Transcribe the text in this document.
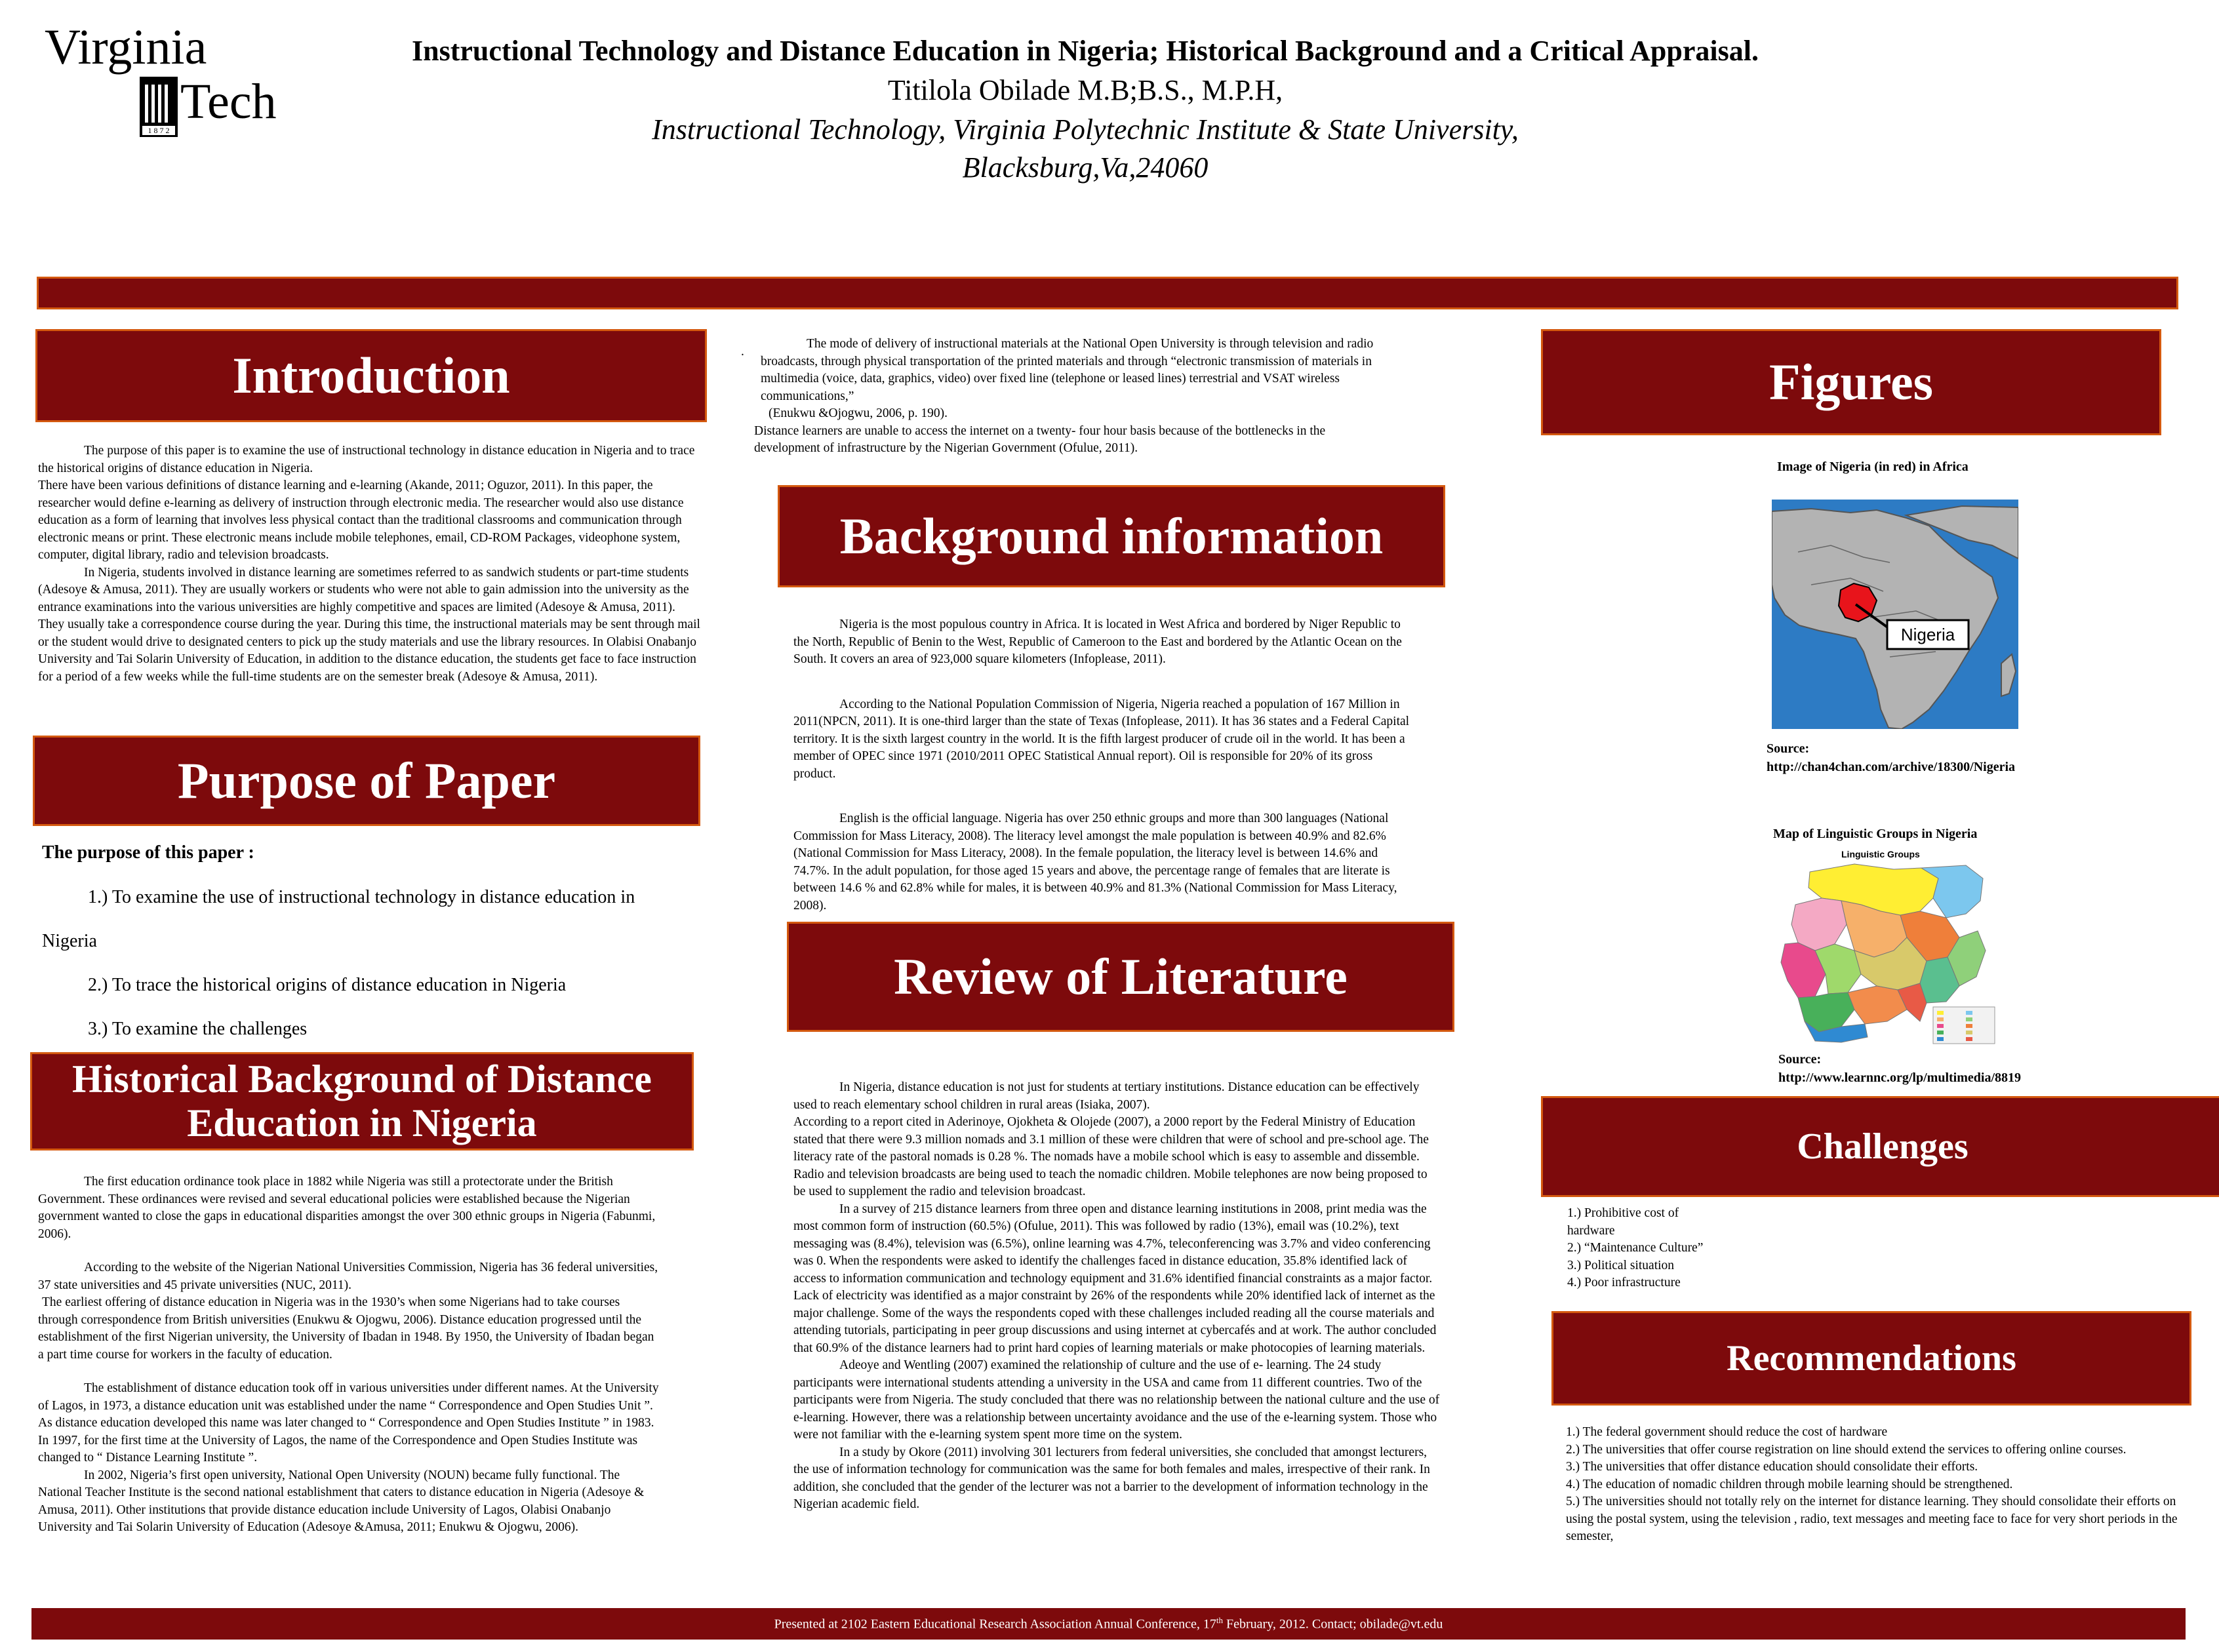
Virginia
1 8 7 2
Tech
Instructional Technology and Distance Education in Nigeria; Historical Background and a Critical Appraisal.
Titilola Obilade M.B;B.S., M.P.H,
Instructional Technology, Virginia Polytechnic Institute & State University,
Blacksburg,Va,24060
Introduction

The purpose of this paper is to examine the use of instructional technology in distance education in Nigeria and to trace the historical origins of distance education in Nigeria.

There have been various definitions of distance learning and e-learning (Akande, 2011; Oguzor, 2011). In this paper, the researcher would define e-learning as delivery of instruction through electronic media. The researcher would also use distance education as a form of learning that involves less physical contact than the traditional classrooms and communication through electronic means or print. These electronic means include mobile telephones, email, CD-ROM Packages, videophone system, computer, digital library, radio and television broadcasts.

In Nigeria, students involved in distance learning are sometimes referred to as sandwich students or part-time students (Adesoye & Amusa, 2011). They are usually workers or students who were not able to gain admission into the university as the entrance examinations into the various universities are highly competitive and spaces are limited (Adesoye & Amusa, 2011). They usually take a correspondence course during the year. During this time, the instructional materials may be sent through mail or the student would drive to designated centers to pick up the study materials and use the library resources. In Olabisi Onabanjo University and Tai Solarin University of Education, in addition to the distance education, the students get face to face instruction for a period of a few weeks while the full-time students are on the semester break (Adesoye & Amusa, 2011).

Purpose of Paper
The purpose of this paper :
1.) To examine the use of instructional technology in distance education in
Nigeria
2.) To trace the historical origins of distance education in Nigeria
3.) To examine the challenges
Historical Background of Distance Education in Nigeria

The first education ordinance took place in 1882 while Nigeria was still a protectorate under the British Government. These ordinances were revised and several educational policies were established because the Nigerian government wanted to close the gaps in educational disparities amongst the over 300 ethnic groups in Nigeria (Fabunmi, 2006).

According to the website of the Nigerian National Universities Commission, Nigeria has 36 federal universities, 37 state universities and 45 private universities (NUC, 2011).

The earliest offering of distance education in Nigeria was in the 1930’s when some Nigerians had to take courses through correspondence from British universities (Enukwu & Ojogwu, 2006). Distance education progressed until the establishment of the first Nigerian university, the University of Ibadan in 1948. By 1950, the University of Ibadan began a part time course for workers in the faculty of education.

The establishment of distance education took off in various universities under different names. At the University of Lagos, in 1973, a distance education unit was established under the name “ Correspondence and Open Studies Unit ”. As distance education developed this name was later changed to “ Correspondence and Open Studies Institute ” in 1983. In 1997, for the first time at the University of Lagos, the name of the Correspondence and Open Studies Institute was changed to “ Distance Learning Institute ”.

In 2002, Nigeria’s first open university, National Open University (NOUN) became fully functional. The National Teacher Institute is the second national establishment that caters to distance education in Nigeria (Adesoye & Amusa, 2011). Other institutions that provide distance education include University of Lagos, Olabisi Onabanjo University and Tai Solarin University of Education (Adesoye &Amusa, 2011; Enukwu & Ojogwu, 2006).

.

The mode of delivery of instructional materials at the National Open University is through television and radio broadcasts, through physical transportation of the printed materials and through “electronic transmission of materials in multimedia (voice, data, graphics, video) over fixed line (telephone or leased lines) terrestrial and VSAT wireless communications,”

(Enukwu &Ojogwu, 2006, p. 190).

Distance learners are unable to access the internet on a twenty- four hour basis because of the bottlenecks in the development of infrastructure by the Nigerian Government (Ofulue, 2011).

Background information

Nigeria is the most populous country in Africa. It is located in West Africa and bordered by Niger Republic to the North, Republic of Benin to the West, Republic of Cameroon to the East and bordered by the Atlantic Ocean on the South. It covers an area of 923,000 square kilometers (Infoplease, 2011).

According to the National Population Commission of Nigeria, Nigeria reached a population of 167 Million in 2011(NPCN, 2011). It is one-third larger than the state of Texas (Infoplease, 2011). It has 36 states and a Federal Capital territory. It is the sixth largest country in the world. It is the fifth largest producer of crude oil in the world. It has been a member of OPEC since 1971 (2010/2011 OPEC Statistical Annual report). Oil is responsible for 20% of its gross product.

English is the official language. Nigeria has over 250 ethnic groups and more than 300 languages (National Commission for Mass Literacy, 2008). The literacy level amongst the male population is between 40.9% and 82.6% (National Commission for Mass Literacy, 2008). In the female population, the literacy level is between 14.6% and 74.7%. In the adult population, for those aged 15 years and above, the percentage range of females that are literate is between 14.6 % and 62.8% while for males, it is between 40.9% and 81.3% (National Commission for Mass Literacy, 2008).

Review of Literature

In Nigeria, distance education is not just for students at tertiary institutions. Distance education can be effectively used to reach elementary school children in rural areas (Isiaka, 2007).

According to a report cited in Aderinoye, Ojokheta & Olojede (2007), a 2000 report by the Federal Ministry of Education stated that there were 9.3 million nomads and 3.1 million of these were children that were of school and pre-school age. The literacy rate of the pastoral nomads is 0.28 %. The nomads have a mobile school which is easy to assemble and dissemble. Radio and television broadcasts are being used to teach the nomadic children. Mobile telephones are now being proposed to be used to supplement the radio and television broadcast.

In a survey of 215 distance learners from three open and distance learning institutions in 2008, print media was the most common form of instruction (60.5%) (Ofulue, 2011). This was followed by radio (13%), email was (10.2%), text messaging was (8.4%), television was (6.5%), online learning was 4.7%, teleconferencing was 3.7% and video conferencing was 0. When the respondents were asked to identify the challenges faced in distance education, 35.8% identified lack of access to information communication and technology equipment and 31.6% identified financial constraints as a major factor. Lack of electricity was identified as a major constraint by 26% of the respondents while 20% identified lack of internet as the major challenge. Some of the ways the respondents coped with these challenges included reading all the course materials and attending tutorials, participating in peer group discussions and using internet at cybercafés and at work. The author concluded that 60.9% of the distance learners had to print hard copies of learning materials or make photocopies of learning materials.

Adeoye and Wentling (2007) examined the relationship of culture and the use of e- learning. The 24 study participants were international students attending a university in the USA and came from 11 different countries. Two of the participants were from Nigeria. The study concluded that there was no relationship between the national culture and the use of e-learning. However, there was a relationship between uncertainty avoidance and the use of the e-learning system. Those who were not familiar with the e-learning system spent more time on the system.

In a study by Okore (2011) involving 301 lecturers from federal universities, she concluded that amongst lecturers, the use of information technology for communication was the same for both females and males, irrespective of their rank. In addition, she concluded that the gender of the lecturer was not a barrier to the development of information technology in the Nigerian academic field.

Figures
Image of Nigeria (in red) in Africa
Nigeria
Source:
http://chan4chan.com/archive/18300/Nigeria
Map of Linguistic Groups in Nigeria
Linguistic Groups
Source:
http://www.learnnc.org/lp/multimedia/8819
Challenges

1.) Prohibitive cost of

hardware

2.) “Maintenance Culture”

3.) Political situation

4.) Poor infrastructure

Recommendations

1.) The federal government should reduce the cost of hardware

2.) The universities that offer course registration on line should extend the services to offering online courses.

3.) The universities that offer distance education should consolidate their efforts.

4.) The education of nomadic children through mobile learning should be strengthened.

5.) The universities should not totally rely on the internet for distance learning. They should consolidate their efforts on using the postal system, using the television , radio, text messages and meeting face to face for very short periods in the semester,

Presented at 2102 Eastern Educational Research Association Annual Conference, 17th February, 2012. Contact; obilade@vt.edu
